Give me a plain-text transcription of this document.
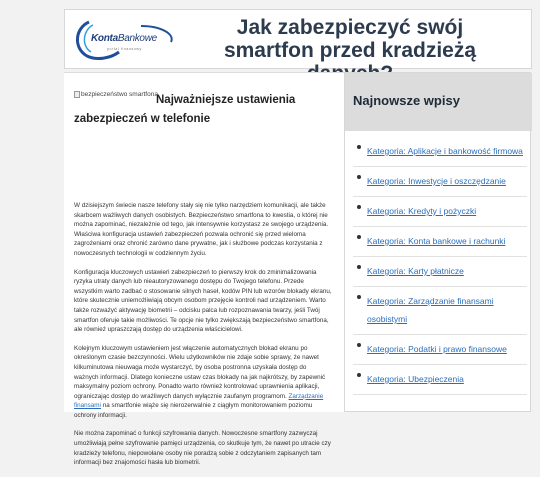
KontaBankowe
portal finansowy
Jak zabezpieczyć swój smartfon przed kradzieżą
bezpieczeństwo smartfona
Najważniejsze ustawienia
zabezpieczeń w telefonie

W dzisiejszym świecie nasze telefony stały się nie tylko narzędziem komunikacji, ale także skarbcem ważliwych danych osobistych. Bezpieczeństwo smartfona to kwestia, o której nie można zapominać, niezależnie od tego, jak intensywnie korzystasz ze swojego urządzenia. Właściwa konfiguracja ustawień zabezpieczeń pozwala ochronić się przed wieloma zagrożeniami oraz chronić zarówno dane prywatne, jak i służbowe podczas korzystania z nowoczesnych technologii w codziennym życiu.

Konfiguracja kluczowych ustawień zabezpieczeń to pierwszy krok do zminimalizowania ryzyka utraty danych lub nieautoryzowanego dostępu do Twojego telefonu. Przede wszystkim warto zadbać o stosowanie silnych haseł, kodów PIN lub wzorów blokady ekranu, które skutecznie uniemożliwiają obcym osobom przejęcie kontroli nad urządzeniem. Warto także rozważyć aktywację biometrii – odcisku palca lub rozpoznawania twarzy, jeśli Twój smartfon oferuje takie możliwości. Te opcje nie tylko zwiększają bezpieczeństwo smartfona, ale również upraszczają dostęp do urządzenia właścicielowi.

Kolejnym kluczowym ustawieniem jest włączenie automatycznych blokad ekranu po określonym czasie bezczynności. Wielu użytkowników nie zdaje sobie sprawy, że nawet kilkuminutowa nieuwaga może wystarczyć, by osoba postronna uzyskała dostęp do ważnych informacji. Dlatego konieczne ustaw czas blokady na jak najkrótszy, by zapewnić maksymalny poziom ochrony. Ponadto warto również kontrolować uprawnienia aplikacji, ograniczając dostęp do wrażliwych danych wyłącznie zaufanym programom. Zarządzanie finansami na smartfonie wiąże się nierozerwalnie z ciągłym monitorowaniem poziomu ochrony informacji.

Nie można zapominać o funkcji szyfrowania danych. Nowoczesne smartfony zazwyczaj umożliwiają pełne szyfrowanie pamięci urządzenia, co skutkuje tym, że nawet po utracie czy kradzieży telefonu, niepowołane osoby nie poradzą sobie z odczytaniem zapisanych tam informacji bez znajomości hasła lub biometrii.

Najnowsze wpisy
Kategoria: Aplikacje i bankowość firmowa
Kategoria: Inwestycje i oszczędzanie
Kategoria: Kredyty i pożyczki
Kategoria: Konta bankowe i rachunki
Kategoria: Karty płatnicze
Kategoria: Zarządzanie finansami osobistymi
Kategoria: Podatki i prawo finansowe
Kategoria: Ubezpieczenia
